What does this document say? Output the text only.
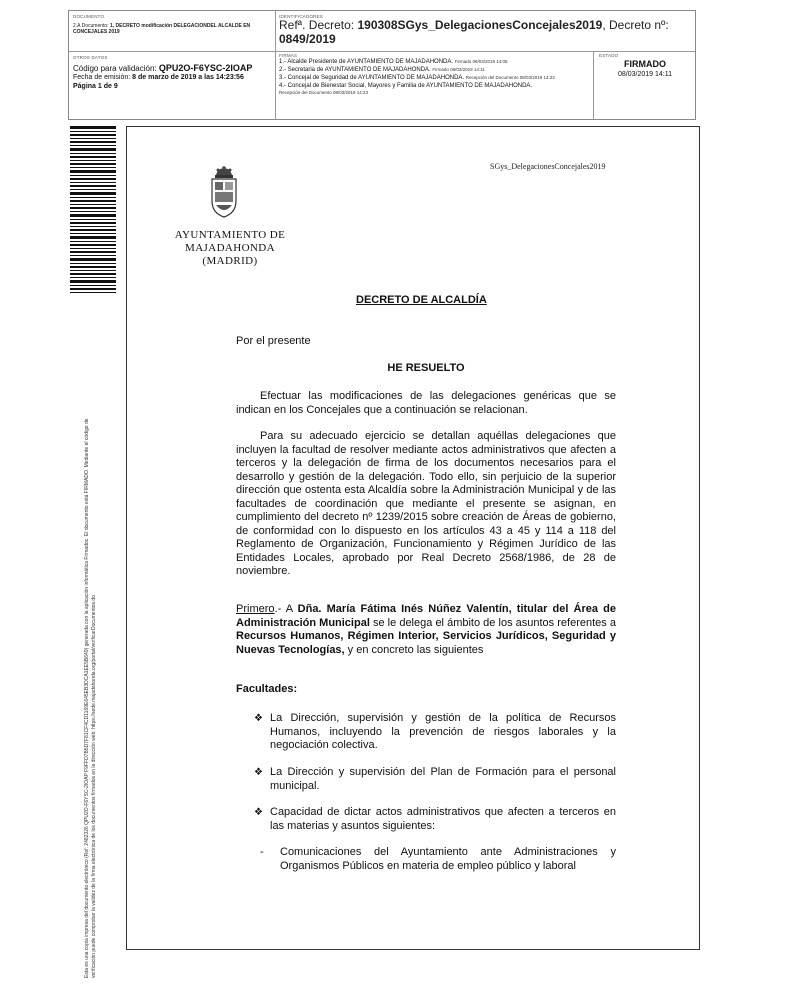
DOCUMENTO
2.A Documento: 1, DECRETO modificación DELEGACIONDEL ALCALDE EN CONCEJALES 2019
IDENTIFICADORES
Refª. Decreto: 190308SGys_DelegacionesConcejales2019, Decreto nº: 0849/2019
OTROS DATOS
Código para validación: QPU2O-F6YSC-2IOAP
Fecha de emisión: 8 de marzo de 2019 a las 14:23:56
Página 1 de 9
FIRMAS
1.- Alcalde Presidente de AYUNTAMIENTO DE MAJADAHONDA. Firmado 08/03/2019 14:05
2.- Secretaria de AYUNTAMIENTO DE MAJADAHONDA. Firmado 08/03/2019 14:11
3.- Concejal de Seguridad de AYUNTAMIENTO DE MAJADAHONDA. Recepción del Documento 08/03/2019 14:22
4.- Concejal de Bienestar Social, Mayores y Familia de AYUNTAMIENTO DE MAJADAHONDA.
Recepción del Documento 08/03/2019 14:23
ESTADO
FIRMADO
08/03/2019 14:11
Esta es una copia impresa del documento electrónico (Ref: 2482326 QPU2O-F6YSC-2IOAP F9FFD7B5D7F81CF4CD1169E645EB3DCA1EE5B649) generada con la aplicación informática Firmadoc. El documento está FIRMADO. Mediante el código de verificación puede comprobar la validez de la firma electrónica de los documentos firmados en la dirección web: https://sede.majadahonda.org/portal/verificarDocumentos.do
SGys_DelegacionesConcejales2019
AYUNTAMIENTO DE
MAJADAHONDA
(MADRID)
DECRETO DE ALCALDÍA
Por el presente
HE RESUELTO
Efectuar las modificaciones de las delegaciones genéricas que se indican en los Concejales que a continuación se relacionan.
Para su adecuado ejercicio se detallan aquéllas delegaciones que incluyen la facultad de resolver mediante actos administrativos que afecten a terceros y la delegación de firma de los documentos necesarios para el desarrollo y gestión de la delegación. Todo ello, sin perjuicio de la superior dirección que ostenta esta Alcaldía sobre la Administración Municipal y de las facultades de coordinación que mediante el presente se asignan, en cumplimiento del decreto nº 1239/2015 sobre creación de Áreas de gobierno, de conformidad con lo dispuesto en los artículos 43 a 45 y 114 a 118 del Reglamento de Organización, Funcionamiento y Régimen Jurídico de las Entidades Locales, aprobado por Real Decreto 2568/1986, de 28 de noviembre.
Primero.- A Dña. María Fátima Inés Núñez Valentín, titular del Área de Administración Municipal se le delega el ámbito de los asuntos referentes a Recursos Humanos, Régimen Interior, Servicios Jurídicos, Seguridad y Nuevas Tecnologías, y en concreto las siguientes
Facultades:
❖ La Dirección, supervisión y gestión de la política de Recursos Humanos, incluyendo la prevención de riesgos laborales y la negociación colectiva.
❖ La Dirección y supervisión del Plan de Formación para el personal municipal.
❖ Capacidad de dictar actos administrativos que afecten a terceros en las materias y asuntos siguientes:
- Comunicaciones del Ayuntamiento ante Administraciones y Organismos Públicos en materia de empleo público y laboral
